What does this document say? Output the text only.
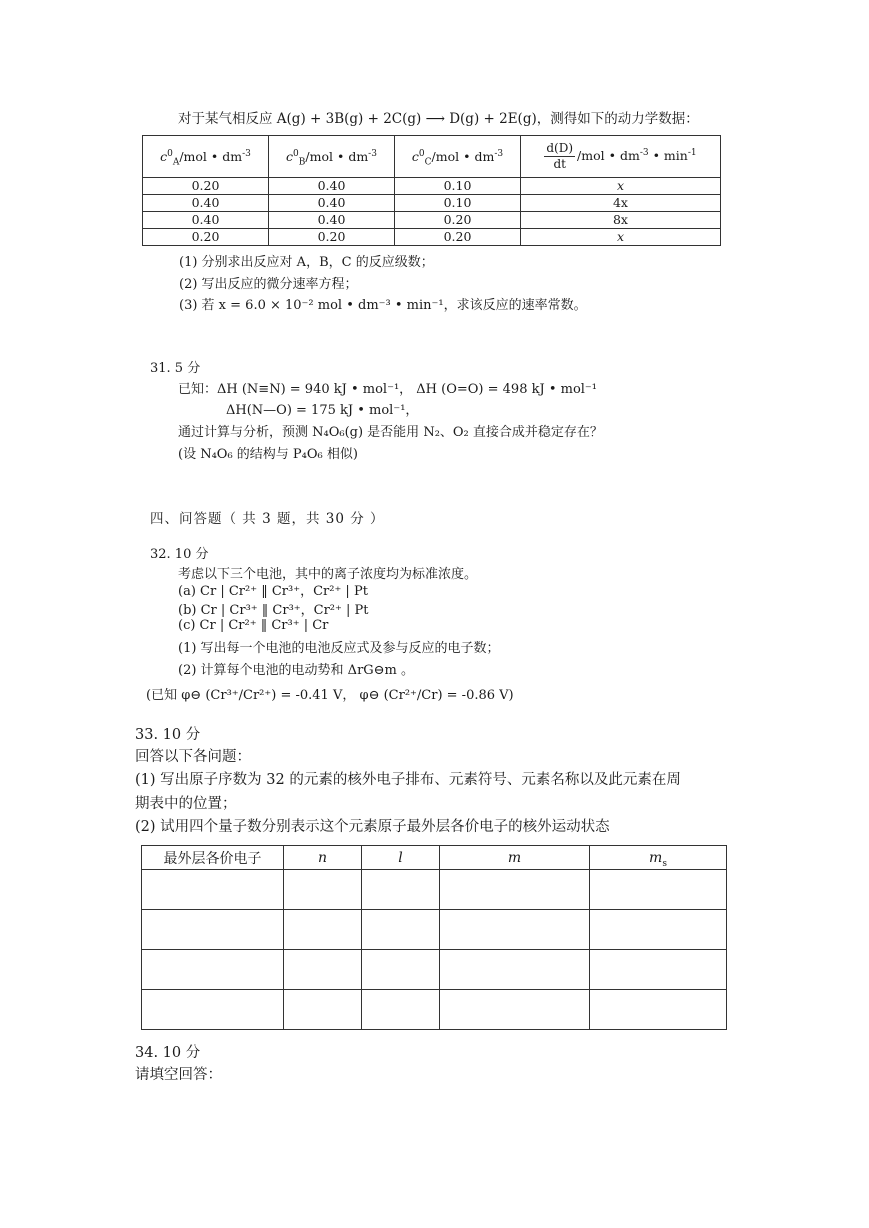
对于某气相反应 A(g) + 3B(g) + 2C(g) ⟶ D(g) + 2E(g)，测得如下的动力学数据：
$c^0_A$/mol • $dm^{-3}$	$c^0_B$/mol • $dm^{-3}$	$c^0_C$/mol • $dm^{-3}$	$\frac{d(D)}{dt} /mol$ • $dm^{-3}$ • $\min^{-1}$
0.20	0.40	0.10	x
0.40	0.40	0.10	4x
0.40	0.40	0.20	8x
0.20	0.20	0.20	x
(1) 分别求出反应对 A，B，C 的反应级数；
(2) 写出反应的微分速率方程；
(3) 若 x = 6.0 × 10⁻² mol • dm⁻³ • min⁻¹，求该反应的速率常数。
31. 5 分
已知：ΔH (N≡N) = 940 kJ • mol⁻¹， ΔH (O=O) = 498 kJ • mol⁻¹
ΔH(N—O) = 175 kJ • mol⁻¹，
通过计算与分析，预测 N₄O₆(g) 是否能用 N₂、O₂ 直接合成并稳定存在？
(设 N₄O₆ 的结构与 P₄O₆ 相似)
四、问答题（ 共 3 题，共 30 分 ）
32. 10 分
考虑以下三个电池，其中的离子浓度均为标准浓度。
(a) Cr | Cr²⁺ ‖ Cr³⁺，Cr²⁺ | Pt
(b) Cr | Cr³⁺ ‖ Cr³⁺，Cr²⁺ | Pt
(c) Cr | Cr²⁺ ‖ Cr³⁺ | Cr
(1) 写出每一个电池的电池反应式及参与反应的电子数；
(2) 计算每个电池的电动势和 ΔrG⊖m 。
(已知 φ⊖ (Cr³⁺/Cr²⁺) = -0.41 V， φ⊖ (Cr²⁺/Cr) = -0.86 V)
33. 10 分
回答以下各问题：
(1) 写出原子序数为 32 的元素的核外电子排布、元素符号、元素名称以及此元素在周
期表中的位置；
(2) 试用四个量子数分别表示这个元素原子最外层各价电子的核外运动状态
最外层各价电子	n	l	m	$m_s$

34. 10 分
请填空回答：
